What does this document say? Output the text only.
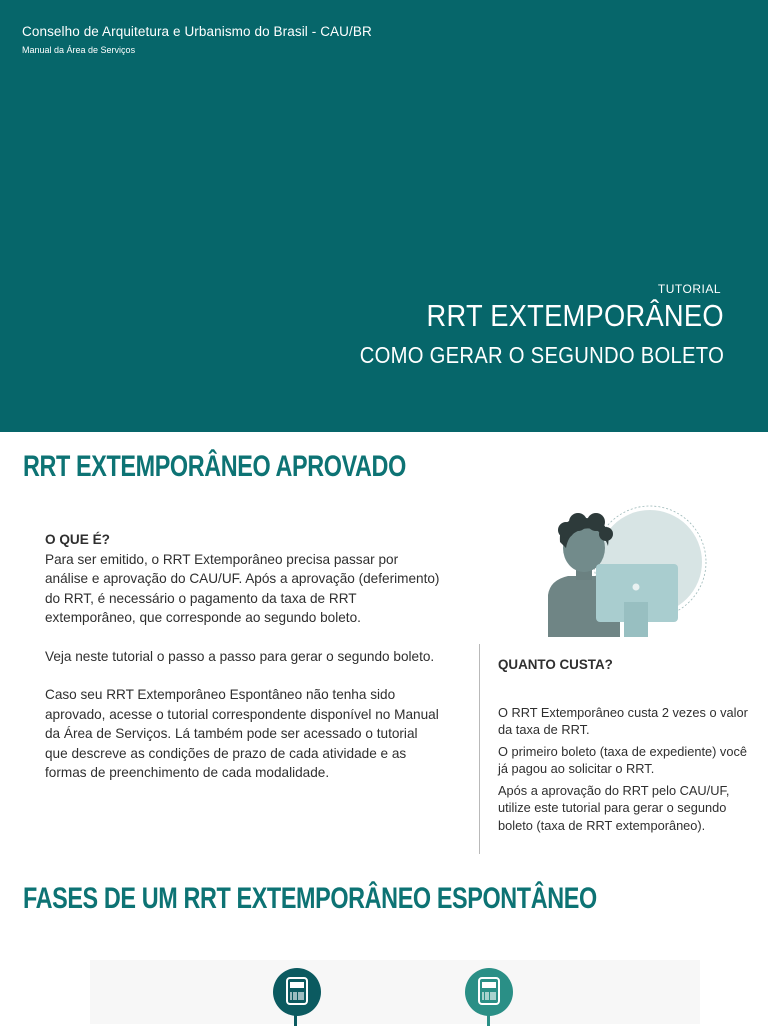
Conselho de Arquitetura e Urbanismo do Brasil - CAU/BR
Manual da Área de Serviços
TUTORIAL
RRT EXTEMPORÂNEO
COMO GERAR O SEGUNDO BOLETO
RRT EXTEMPORÂNEO APROVADO

O QUE É?

Para ser emitido, o RRT Extemporâneo precisa passar por análise e aprovação do CAU/UF. Após a aprovação (deferimento) do RRT, é necessário o pagamento da taxa de RRT extemporâneo, que corresponde ao segundo boleto.

Veja neste tutorial o passo a passo para gerar o segundo boleto.

Caso seu RRT Extemporâneo Espontâneo não tenha sido aprovado, acesse o tutorial correspondente disponível no Manual da Área de Serviços. Lá também pode ser acessado o tutorial que descreve as condições de prazo de cada atividade e as formas de preenchimento de cada modalidade.

QUANTO CUSTA?

O RRT Extemporâneo custa 2 vezes o valor da taxa de RRT.

O primeiro boleto (taxa de expediente) você já pagou ao solicitar o RRT.

Após a aprovação do RRT pelo CAU/UF, utilize este tutorial para gerar o segundo boleto (taxa de RRT extemporâneo).

FASES DE UM RRT EXTEMPORÂNEO ESPONTÂNEO
